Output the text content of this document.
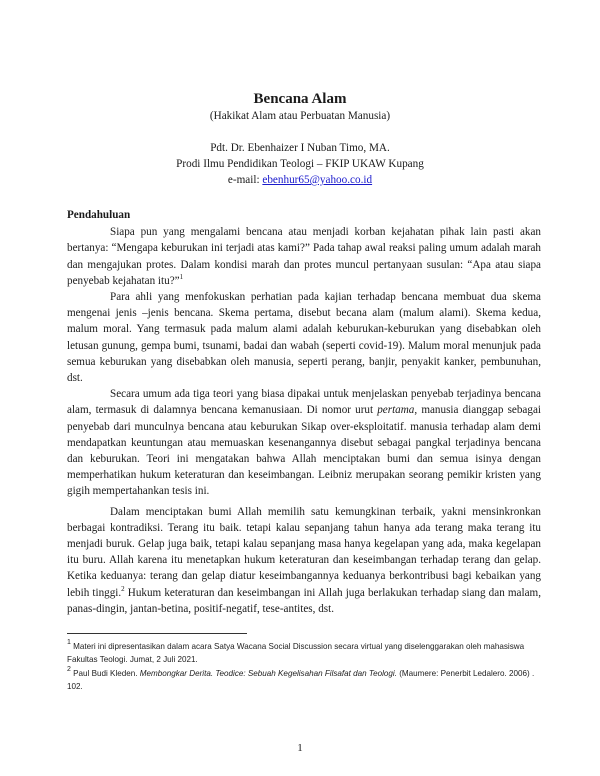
Bencana Alam
(Hakikat Alam atau Perbuatan Manusia)
Pdt. Dr. Ebenhaizer I Nuban Timo, MA.
Prodi Ilmu Pendidikan Teologi – FKIP UKAW Kupang
e-mail: ebenhur65@yahoo.co.id
Pendahuluan

Siapa pun yang mengalami bencana atau menjadi korban kejahatan pihak lain pasti akan bertanya: “Mengapa keburukan ini terjadi atas kami?” Pada tahap awal reaksi paling umum adalah marah dan mengajukan protes. Dalam kondisi marah dan protes muncul pertanyaan susulan: “Apa atau siapa penyebab kejahatan itu?”$^1$

Para ahli yang menfokuskan perhatian pada kajian terhadap bencana membuat dua skema mengenai jenis –jenis bencana. Skema pertama, disebut becana alam (malum alami). Skema kedua, malum moral. Yang termasuk pada malum alami adalah keburukan-keburukan yang disebabkan oleh letusan gunung, gempa bumi, tsunami, badai dan wabah (seperti covid-19). Malum moral menunjuk pada semua keburukan yang disebabkan oleh manusia, seperti perang, banjir, penyakit kanker, pembunuhan, dst.

Secara umum ada tiga teori yang biasa dipakai untuk menjelaskan penyebab terjadinya bencana alam, termasuk di dalamnya bencana kemanusiaan. Di nomor urut pertama, manusia dianggap sebagai penyebab dari munculnya bencana atau keburukan Sikap over-eksploitatif. manusia terhadap alam demi mendapatkan keuntungan atau memuaskan kesenangannya disebut sebagai pangkal terjadinya bencana dan keburukan. Teori ini mengatakan bahwa Allah menciptakan bumi dan semua isinya dengan memperhatikan hukum keteraturan dan keseimbangan. Leibniz merupakan seorang pemikir kristen yang gigih mempertahankan tesis ini.

Dalam menciptakan bumi Allah memilih satu kemungkinan terbaik, yakni mensinkronkan berbagai kontradiksi. Terang itu baik. tetapi kalau sepanjang tahun hanya ada terang maka terang itu menjadi buruk. Gelap juga baik, tetapi kalau sepanjang masa hanya kegelapan yang ada, maka kegelapan itu buru. Allah karena itu menetapkan hukum keteraturan dan keseimbangan terhadap terang dan gelap. Ketika keduanya: terang dan gelap diatur keseimbangannya keduanya berkontribusi bagi kebaikan yang lebih tinggi.$^2$ Hukum keteraturan dan keseimbangan ini Allah juga berlakukan terhadap siang dan malam, panas-dingin, jantan-betina, positif-negatif, tese-antites, dst.

$^1$ Materi ini dipresentasikan dalam acara Satya Wacana Social Discussion secara virtual yang diselenggarakan oleh mahasiswa Fakultas Teologi. Jumat, 2 Juli 2021.
$^2$ Paul Budi Kleden. Membongkar Derita. Teodice: Sebuah Kegelisahan Filsafat dan Teologi. (Maumere: Penerbit Ledalero. 2006) . 102.
1
